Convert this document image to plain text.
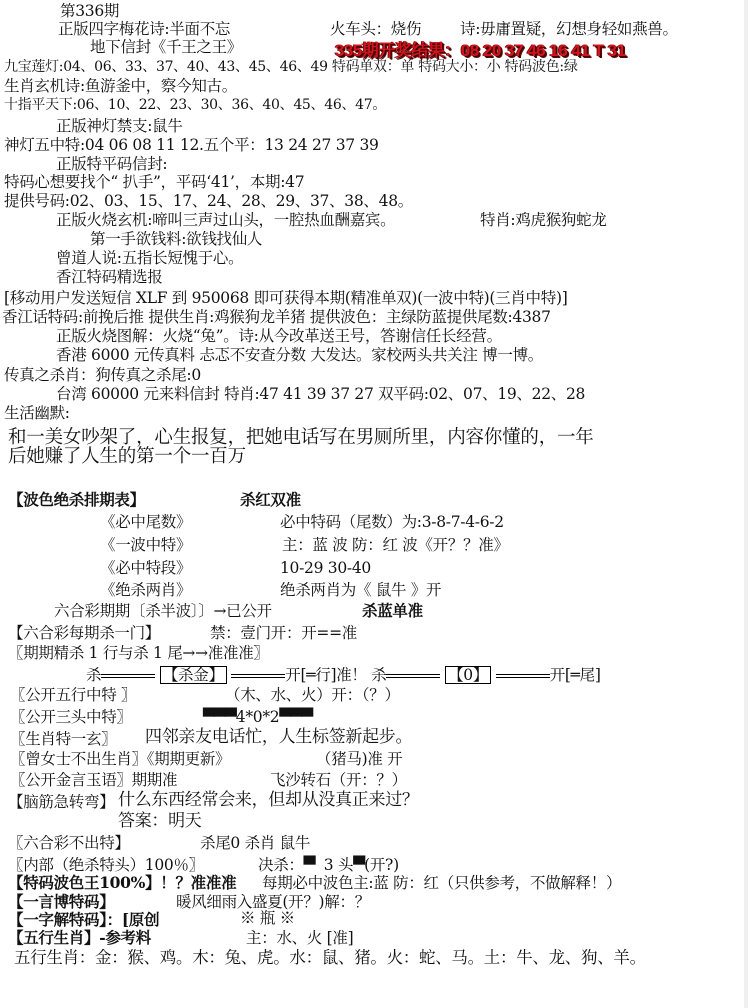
第336期
正版四字梅花诗:半面不忘	火车头：烧伤	诗:毋庸置疑，幻想身轻如燕兽。
地下信封《千王之王》	335期开奖结果：08 20 37 46 16 41 T 31
九宝莲灯:04、06、33、37、40、43、45、46、49 特码单双：单 特码大小：小 特码波色:绿
生肖玄机诗:鱼游釜中，察今知古。
十指平天下:06、10、22、23、30、36、40、45、46、47。
正版神灯禁支:鼠牛
神灯五中特:04 06 08 11 12.五个平：13 24 27 37 39
正版特平码信封:
特码心想要找个“ 扒手”，平码‘41’，本期:47
提供号码:02、03、15、17、24、28、29、37、38、48。
正版火烧玄机:啼叫三声过山头，一腔热血酬嘉宾。	特肖:鸡虎猴狗蛇龙
第一手欲钱料:欲钱找仙人
曾道人说:五指长短愧于心。
香江特码精选报
[移动用户发送短信 XLF 到 950068 即可获得本期(精准单双)(一波中特)(三肖中特)]
香江话特码:前挽后推 提供生肖:鸡猴狗龙羊猪 提供波色：主绿防蓝提供尾数:4387
正版火烧图解：火烧“兔”。诗:从今改革送王号，答谢信任长经营。
香港 6000 元传真料 忐忑不安查分数 大发达。家校两头共关注 博一博。
传真之杀肖：狗传真之杀尾:0
台湾 60000 元来料信封 特肖:47 41 39 37 27 双平码:02、07、19、22、28
生活幽默:
和一美女吵架了，心生报复，把她电话写在男厕所里，内容你懂的，一年
后她赚了人生的第一个一百万
【波色绝杀排期表】	杀红双准
《必中尾数》	必中特码（尾数）为:3-8-7-4-6-2
《一波中特》	主：蓝 波 防：红 波《开？？准》
《必中特段》	10-29 30-40
《绝杀两肖》	绝杀两肖为《 鼠牛 》开
六合彩期期〔杀半波〕〕→已公开	杀蓝单准
【六合彩每期杀一门】	禁：壹门开：开==准
〖期期精杀 1 行与杀 1 尾→→准准准〗
杀	【杀金】	开[═行]准！ 杀	【0】	开[═尾]
〖公开五行中特 〗	（木、水、火）开：（？）
〖公开三头中特〗	▀▀▀4*0*2▀▀▀
〖生肖特一玄〗 四邻亲友电话忙，人生标签新起步。
〖曾女士不出生肖〗《期期更新》	（猪马)准 开
〖公开金言玉语〗期期准	飞沙转石（开：？）
【脑筋急转弯】 什么东西经常会来，但却从没真正来过？
答案：明天
〖六合彩不出特】	杀尾0 杀肖 鼠牛
〖内部（绝杀特头）100％〗	决杀：▀  3 头▀(开?)
【特码波色王100%】！？准准准 每期必中波色主:蓝 防：红（只供参考，不做解释！）
【一言博特码】	暖风细雨入盛夏(开？)解：？
【一字解特码】：[原创	※ 瓶 ※
【五行生肖】-参考料	主：水、火 [准]
五行生肖：金：猴、鸡。木：兔、虎。水：鼠、猪。火：蛇、马。土：牛、龙、狗、羊。
